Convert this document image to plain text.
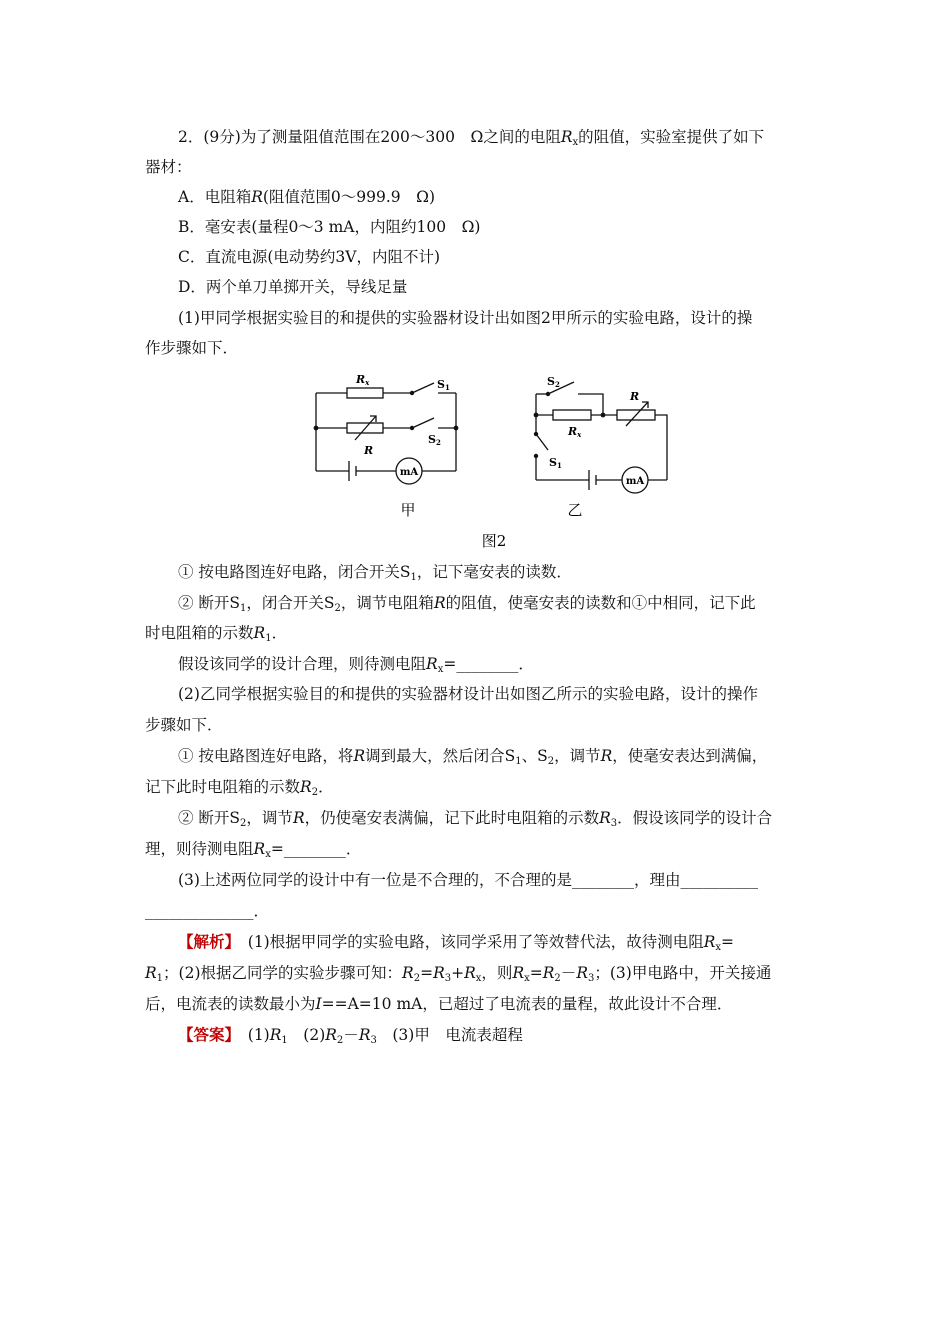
2．(9分)为了测量阻值范围在200～300　Ω之间的电阻$R_x$的阻值，实验室提供了如下
器材：
A．电阻箱R(阻值范围0～999.9　Ω)
B．毫安表(量程0～3 mA，内阻约100　Ω)
C．直流电源(电动势约3V，内阻不计)
D．两个单刀单掷开关，导线足量
(1)甲同学根据实验目的和提供的实验器材设计出如图2甲所示的实验电路，设计的操
作步骤如下．
Rx	S1
R
S2
mA
S2
R
Rx
S1
mA
甲	乙
图2
① 按电路图连好电路，闭合开关$S_1$，记下毫安表的读数．
② 断开$S_1$，闭合开关$S_2$，调节电阻箱R的阻值，使毫安表的读数和①中相同，记下此
时电阻箱的示数$R_1$．
假设该同学的设计合理，则待测电阻$R_x=\_\_\_\_\_\_\_\_$．
(2)乙同学根据实验目的和提供的实验器材设计出如图乙所示的实验电路，设计的操作
步骤如下．
① 按电路图连好电路，将R调到最大，然后闭合$S_1$、$S_2$，调节R，使毫安表达到满偏，
记下此时电阻箱的示数$R_2$．
② 断开$S_2$，调节R，仍使毫安表满偏，记下此时电阻箱的示数$R_3$．假设该同学的设计合
理，则待测电阻$R_x=\_\_\_\_\_\_\_\_$．
(3)上述两位同学的设计中有一位是不合理的，不合理的是________，理由__________
______________．
【解析】　(1)根据甲同学的实验电路，该同学采用了等效替代法，故待测电阻$R_x=$
$R_1$；(2)根据乙同学的实验步骤可知：$R_2=R_3+R_x$，则$R_x=R_2-R_3$；(3)甲电路中，开关接通
后，电流表的读数最小为I==A=10 mA，已超过了电流表的量程，故此设计不合理．
【答案】　$(1)R_1$　$(2)R_2-R_3$　(3)甲　电流表超程
